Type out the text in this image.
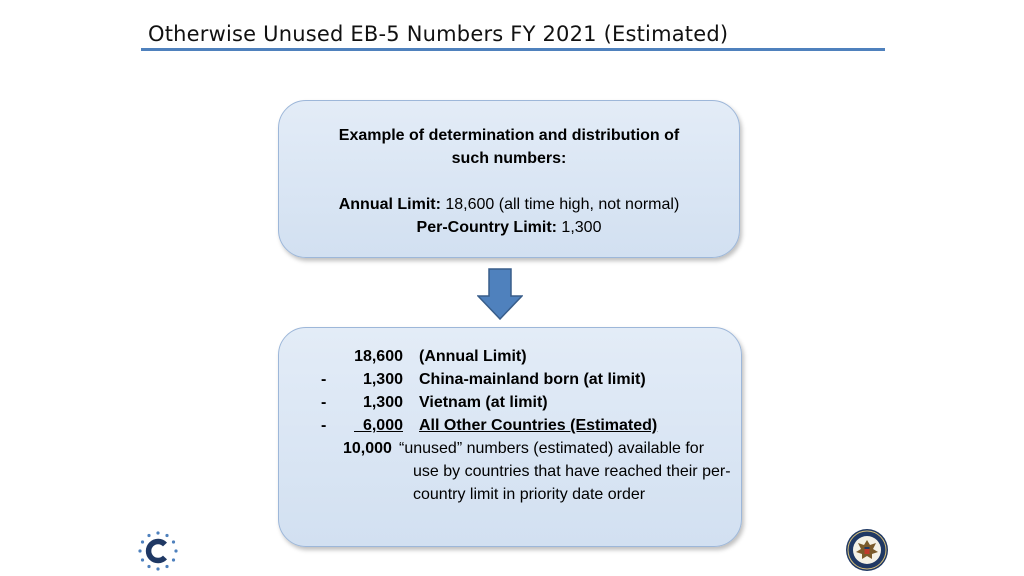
Otherwise Unused EB-5 Numbers FY 2021 (Estimated)
Example of determination and distribution of
such numbers:
Annual Limit: 18,600 (all time high, not normal)
Per-Country Limit: 1,300
18,600 (Annual Limit)
-	1,300 China-mainland born (at limit)
-	1,300 Vietnam (at limit)
-	6,000 All Other Countries (Estimated)
10,000 “unused” numbers (estimated) available for use by countries that have reached their per-country limit in priority date order
